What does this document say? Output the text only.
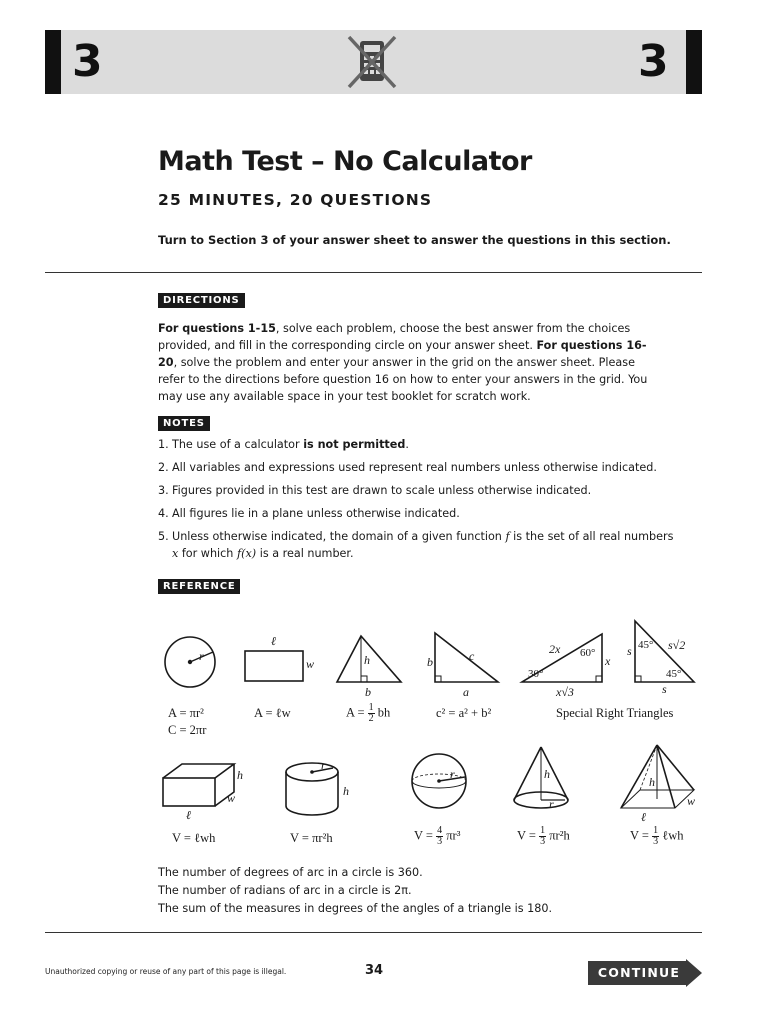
3	3
Math Test – No Calculator
25 MINUTES, 20 QUESTIONS
Turn to Section 3 of your answer sheet to answer the questions in this section.
DIRECTIONS
For questions 1-15, solve each problem, choose the best answer from the choices provided, and fill in the corresponding circle on your answer sheet. For questions 16-20, solve the problem and enter your answer in the grid on the answer sheet. Please refer to the directions before question 16 on how to enter your answers in the grid. You may use any available space in your test booklet for scratch work.
NOTES
1. The use of a calculator is not permitted.
2. All variables and expressions used represent real numbers unless otherwise indicated.
3. Figures provided in this test are drawn to scale unless otherwise indicated.
4. All figures lie in a plane unless otherwise indicated.
5. Unless otherwise indicated, the domain of a given function f is the set of all real numbers x for which f(x) is a real number.
REFERENCE
r
ℓ
w	h
b
b	c
a
2x
x
x√3
s	s√2
s
h
w
ℓ
r
h
r	h
r
h
w
ℓ
30°
60°
45°
45°
A = πr²
C = 2πr
A = ℓw	$A = \frac{1}{2}$ bh	c² = a² + b²	Special Right Triangles
V = ℓwh	V = πr²h	$V = \frac{4}{3} \pi r^3$	$V = \frac{1}{3} \pi r^2h$	$V = \frac{1}{3}$ ℓwh
The number of degrees of arc in a circle is 360.
The number of radians of arc in a circle is 2π.
The sum of the measures in degrees of the angles of a triangle is 180.
Unauthorized copying or reuse of any part of this page is illegal.	34	CONTINUE
